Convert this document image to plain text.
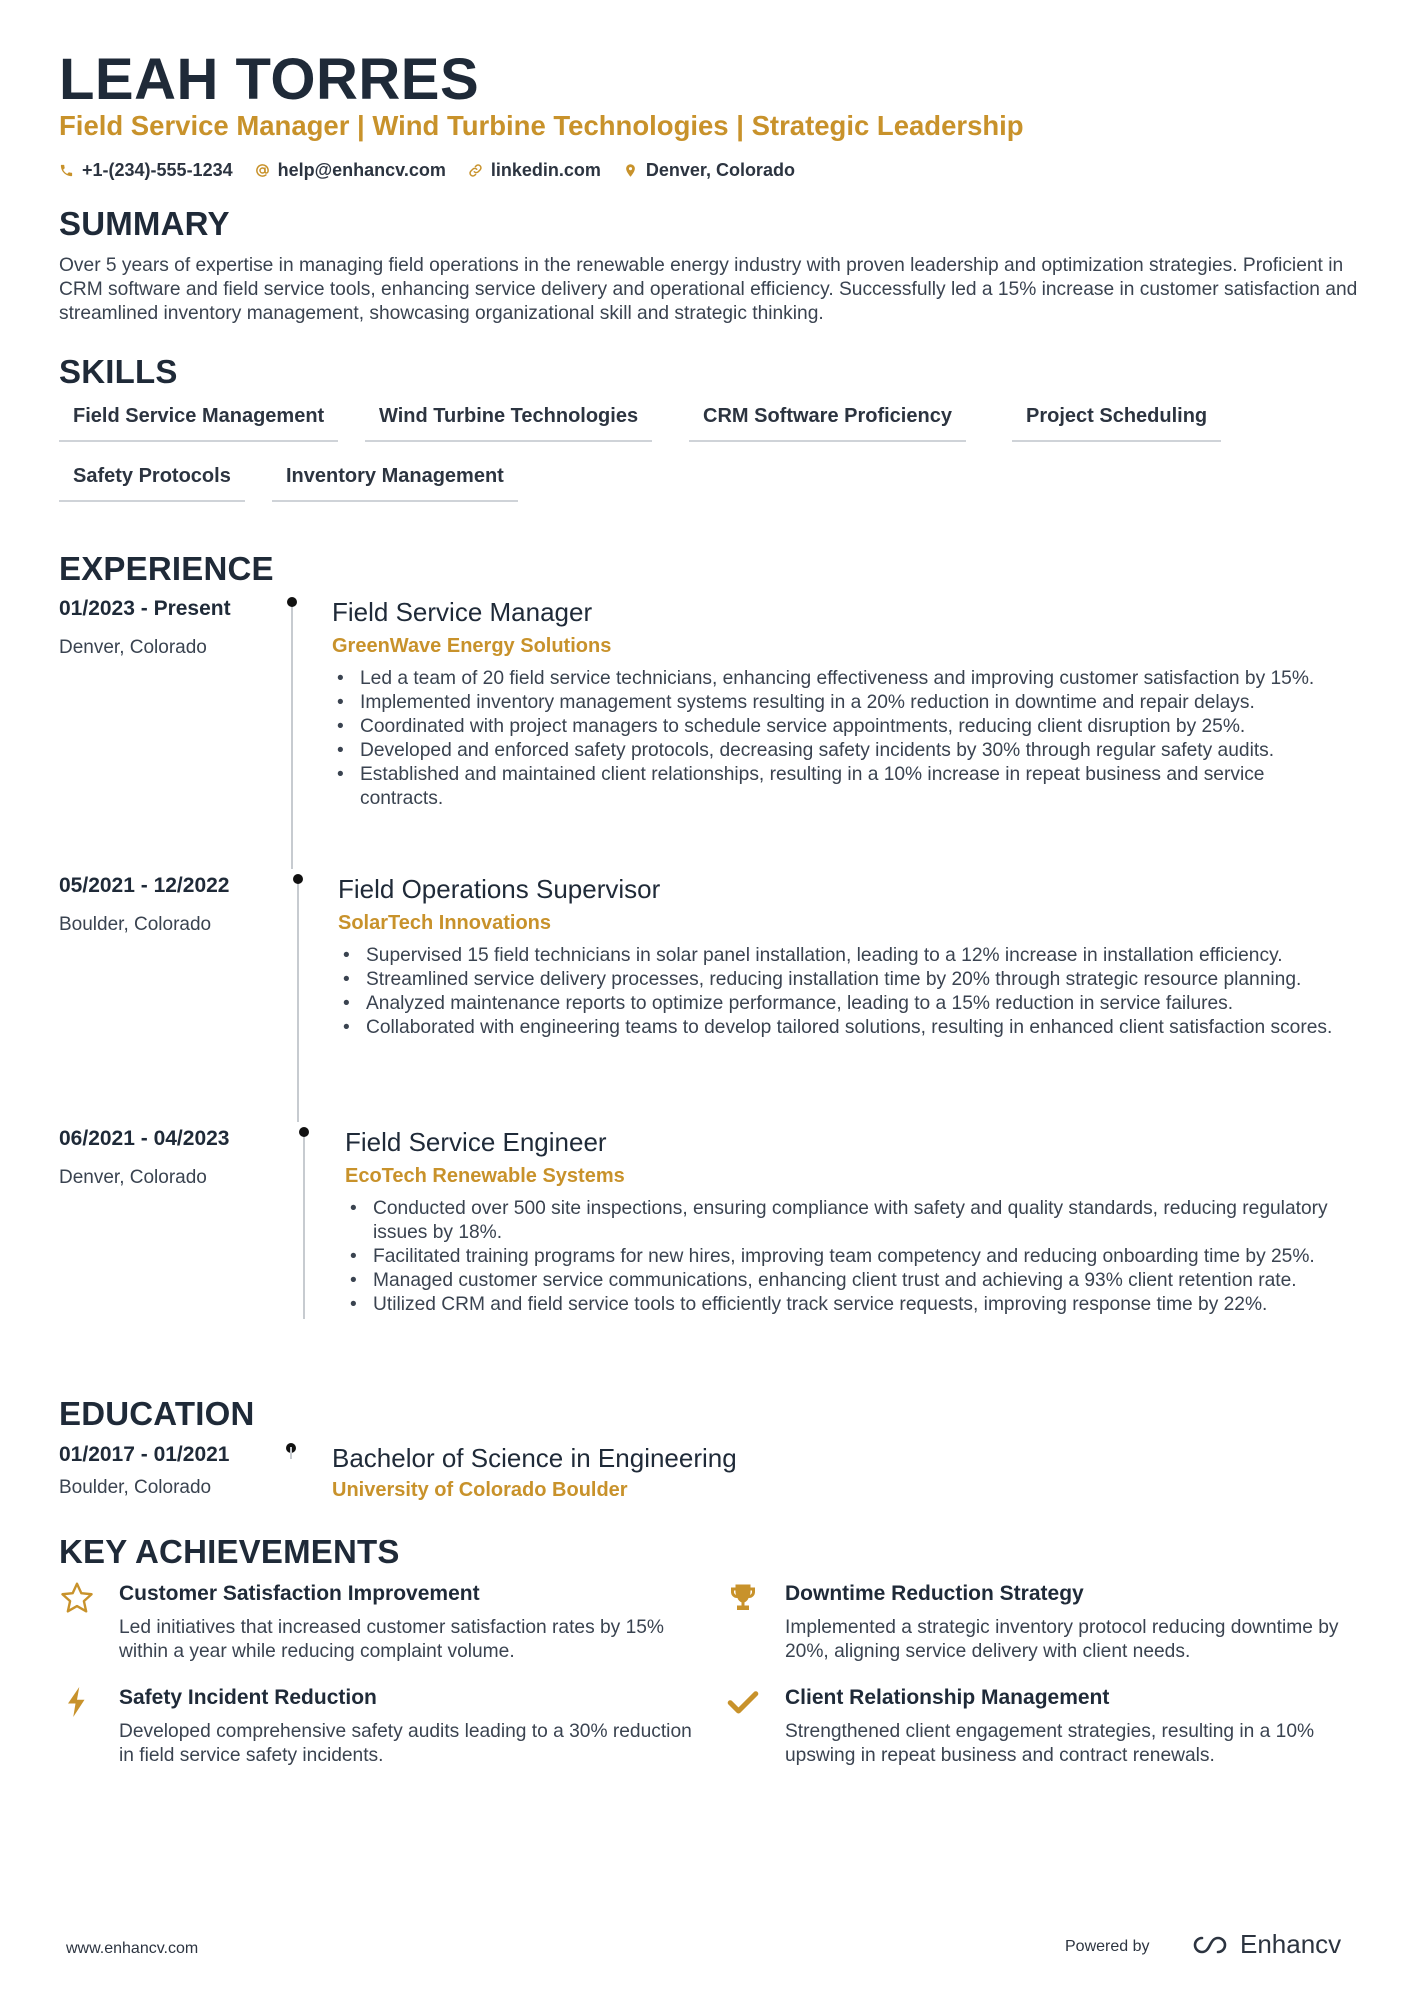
LEAH TORRES
Field Service Manager | Wind Turbine Technologies | Strategic Leadership
+1-(234)-555-1234	help@enhancv.com	linkedin.com	Denver, Colorado
SUMMARY
Over 5 years of expertise in managing field operations in the renewable energy industry with proven leadership and optimization strategies. Proficient in CRM software and field service tools, enhancing service delivery and operational efficiency. Successfully led a 15% increase in customer satisfaction and streamlined inventory management, showcasing organizational skill and strategic thinking.
SKILLS
Field Service Management	Wind Turbine Technologies	CRM Software Proficiency	Project Scheduling
Safety Protocols	Inventory Management
EXPERIENCE
01/2023 - Present
Denver, Colorado
Field Service Manager
GreenWave Energy Solutions
• Led a team of 20 field service technicians, enhancing effectiveness and improving customer satisfaction by 15%.
• Implemented inventory management systems resulting in a 20% reduction in downtime and repair delays.
• Coordinated with project managers to schedule service appointments, reducing client disruption by 25%.
• Developed and enforced safety protocols, decreasing safety incidents by 30% through regular safety audits.
• Established and maintained client relationships, resulting in a 10% increase in repeat business and service contracts.
05/2021 - 12/2022
Boulder, Colorado
Field Operations Supervisor
SolarTech Innovations
• Supervised 15 field technicians in solar panel installation, leading to a 12% increase in installation efficiency.
• Streamlined service delivery processes, reducing installation time by 20% through strategic resource planning.
• Analyzed maintenance reports to optimize performance, leading to a 15% reduction in service failures.
• Collaborated with engineering teams to develop tailored solutions, resulting in enhanced client satisfaction scores.
06/2021 - 04/2023
Denver, Colorado
Field Service Engineer
EcoTech Renewable Systems
• Conducted over 500 site inspections, ensuring compliance with safety and quality standards, reducing regulatory issues by 18%.
• Facilitated training programs for new hires, improving team competency and reducing onboarding time by 25%.
• Managed customer service communications, enhancing client trust and achieving a 93% client retention rate.
• Utilized CRM and field service tools to efficiently track service requests, improving response time by 22%.
EDUCATION
01/2017 - 01/2021
Boulder, Colorado
Bachelor of Science in Engineering
University of Colorado Boulder
KEY ACHIEVEMENTS
Customer Satisfaction Improvement
Led initiatives that increased customer satisfaction rates by 15% within a year while reducing complaint volume.
Downtime Reduction Strategy
Implemented a strategic inventory protocol reducing downtime by 20%, aligning service delivery with client needs.
Safety Incident Reduction
Developed comprehensive safety audits leading to a 30% reduction in field service safety incidents.
Client Relationship Management
Strengthened client engagement strategies, resulting in a 10% upswing in repeat business and contract renewals.
www.enhancv.com	Powered by	Enhancv
